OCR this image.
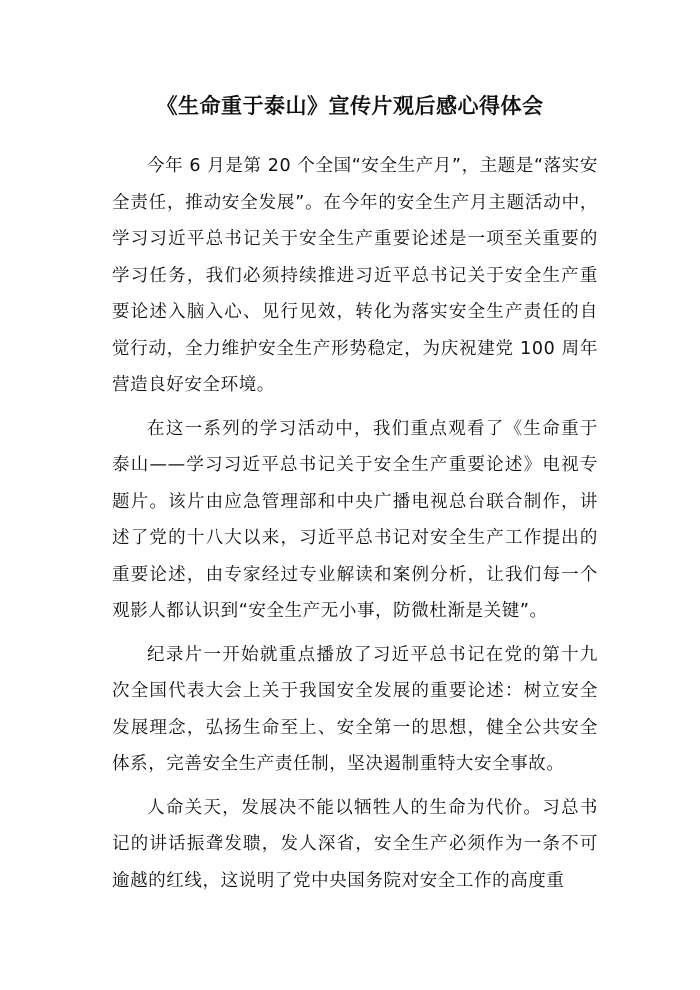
《生命重于泰山》宣传片观后感心得体会

今年 6 月是第 20 个全国“安全生产月”，主题是“落实安全责任，推动安全发展”。在今年的安全生产月主题活动中，学习习近平总书记关于安全生产重要论述是一项至关重要的学习任务，我们必须持续推进习近平总书记关于安全生产重要论述入脑入心、见行见效，转化为落实安全生产责任的自觉行动，全力维护安全生产形势稳定，为庆祝建党 100 周年营造良好安全环境。

在这一系列的学习活动中，我们重点观看了《生命重于泰山——学习习近平总书记关于安全生产重要论述》电视专题片。该片由应急管理部和中央广播电视总台联合制作，讲述了党的十八大以来，习近平总书记对安全生产工作提出的重要论述，由专家经过专业解读和案例分析，让我们每一个观影人都认识到“安全生产无小事，防微杜渐是关键”。

纪录片一开始就重点播放了习近平总书记在党的第十九次全国代表大会上关于我国安全发展的重要论述：树立安全发展理念，弘扬生命至上、安全第一的思想，健全公共安全体系，完善安全生产责任制，坚决遏制重特大安全事故。

人命关天，发展决不能以牺牲人的生命为代价。习总书记的讲话振聋发聩，发人深省，安全生产必须作为一条不可逾越的红线，这说明了党中央国务院对安全工作的高度重
